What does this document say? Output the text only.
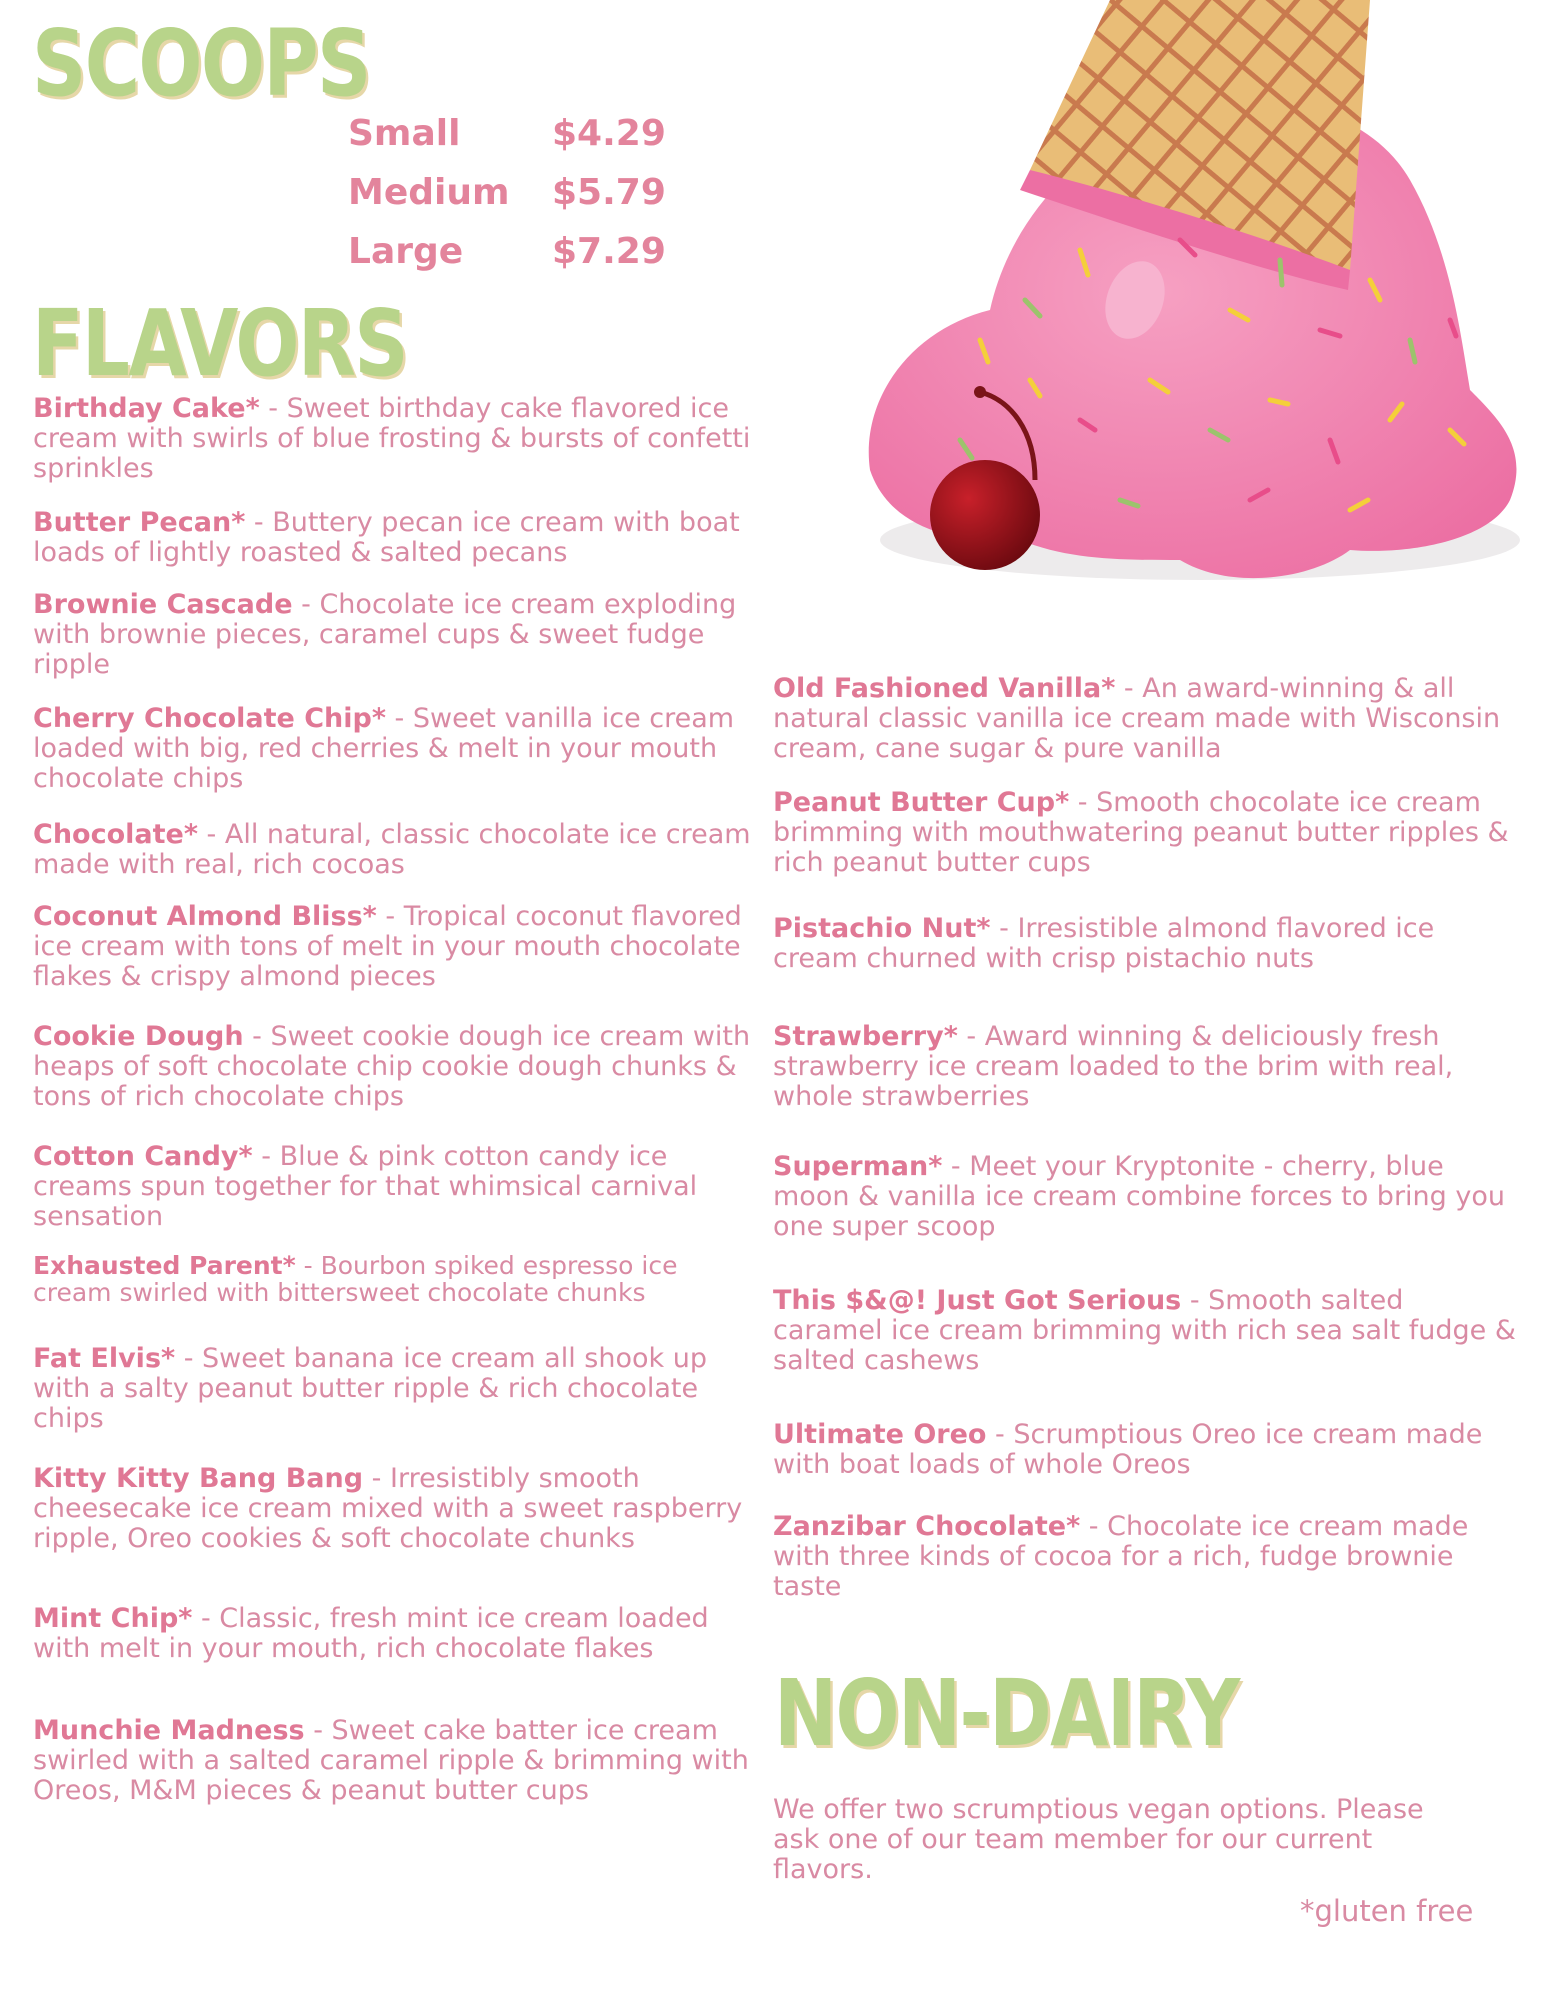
SCOOPS
Small	$4.29
Medium	$5.79
Large	$7.29
FLAVORS
Birthday Cake* - Sweet birthday cake flavored ice cream with swirls of blue frosting & bursts of confetti sprinkles
Butter Pecan* - Buttery pecan ice cream with boat loads of lightly roasted & salted pecans
Brownie Cascade - Chocolate ice cream exploding with brownie pieces, caramel cups & sweet fudge ripple
Cherry Chocolate Chip* - Sweet vanilla ice cream loaded with big, red cherries & melt in your mouth chocolate chips
Chocolate* - All natural, classic chocolate ice cream made with real, rich cocoas
Coconut Almond Bliss* - Tropical coconut flavored ice cream with tons of melt in your mouth chocolate flakes & crispy almond pieces
Cookie Dough - Sweet cookie dough ice cream with heaps of soft chocolate chip cookie dough chunks & tons of rich chocolate chips
Cotton Candy* - Blue & pink cotton candy ice creams spun together for that whimsical carnival sensation
Exhausted Parent* - Bourbon spiked espresso ice cream swirled with bittersweet chocolate chunks
Fat Elvis* - Sweet banana ice cream all shook up with a salty peanut butter ripple & rich chocolate chips
Kitty Kitty Bang Bang - Irresistibly smooth cheesecake ice cream mixed with a sweet raspberry ripple, Oreo cookies & soft chocolate chunks
Mint Chip* - Classic, fresh mint ice cream loaded with melt in your mouth, rich chocolate flakes
Munchie Madness - Sweet cake batter ice cream swirled with a salted caramel ripple & brimming with Oreos, M&M pieces & peanut butter cups
Old Fashioned Vanilla* - An award-winning & all natural classic vanilla ice cream made with Wisconsin cream, cane sugar & pure vanilla
Peanut Butter Cup* - Smooth chocolate ice cream brimming with mouthwatering peanut butter ripples & rich peanut butter cups
Pistachio Nut* - Irresistible almond flavored ice cream churned with crisp pistachio nuts
Strawberry* - Award winning & deliciously fresh strawberry ice cream loaded to the brim with real, whole strawberries
Superman* - Meet your Kryptonite - cherry, blue moon & vanilla ice cream combine forces to bring you one super scoop
This $&@! Just Got Serious - Smooth salted caramel ice cream brimming with rich sea salt fudge & salted cashews
Ultimate Oreo - Scrumptious Oreo ice cream made with boat loads of whole Oreos
Zanzibar Chocolate* - Chocolate ice cream made with three kinds of cocoa for a rich, fudge brownie taste
NON-DAIRY

We offer two scrumptious vegan options. Please ask one of our team member for our current flavors.

*gluten free
